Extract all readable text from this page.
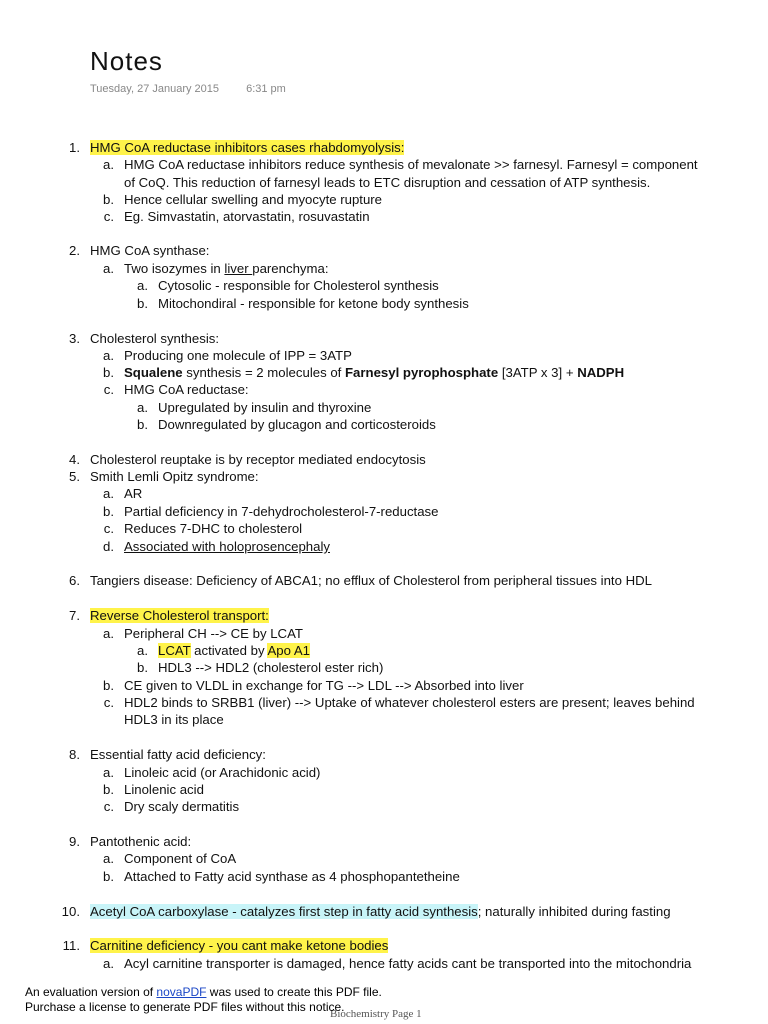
Notes
Tuesday, 27 January 2015 6:31 pm
1. HMG CoA reductase inhibitors cases rhabdomyolysis:
a. HMG CoA reductase inhibitors reduce synthesis of mevalonate >> farnesyl. Farnesyl = component
of CoQ. This reduction of farnesyl leads to ETC disruption and cessation of ATP synthesis.
b. Hence cellular swelling and myocyte rupture
c. Eg. Simvastatin, atorvastatin, rosuvastatin
2. HMG CoA synthase:
a. Two isozymes in liver parenchyma:
a. Cytosolic - responsible for Cholesterol synthesis
b. Mitochondiral - responsible for ketone body synthesis
3. Cholesterol synthesis:
a. Producing one molecule of IPP = 3ATP
b. Squalene synthesis = 2 molecules of Farnesyl pyrophosphate [3ATP x 3] + NADPH
c. HMG CoA reductase:
a. Upregulated by insulin and thyroxine
b. Downregulated by glucagon and corticosteroids
4. Cholesterol reuptake is by receptor mediated endocytosis
5. Smith Lemli Opitz syndrome:
a. AR
b. Partial deficiency in 7-dehydrocholesterol-7-reductase
c. Reduces 7-DHC to cholesterol
d. Associated with holoprosencephaly
6. Tangiers disease: Deficiency of ABCA1; no efflux of Cholesterol from peripheral tissues into HDL
7. Reverse Cholesterol transport:
a. Peripheral CH --> CE by LCAT
a. LCAT activated by Apo A1
b. HDL3 --> HDL2 (cholesterol ester rich)
b. CE given to VLDL in exchange for TG --> LDL --> Absorbed into liver
c. HDL2 binds to SRBB1 (liver) --> Uptake of whatever cholesterol esters are present; leaves behind
HDL3 in its place
8. Essential fatty acid deficiency:
a. Linoleic acid (or Arachidonic acid)
b. Linolenic acid
c. Dry scaly dermatitis
9. Pantothenic acid:
a. Component of CoA
b. Attached to Fatty acid synthase as 4 phosphopantetheine
10. Acetyl CoA carboxylase - catalyzes first step in fatty acid synthesis; naturally inhibited during fasting
11. Carnitine deficiency - you cant make ketone bodies
a. Acyl carnitine transporter is damaged, hence fatty acids cant be transported into the mitochondria
Biochemistry Page 1
An evaluation version of novaPDF was used to create this PDF file.
Purchase a license to generate PDF files without this notice.
